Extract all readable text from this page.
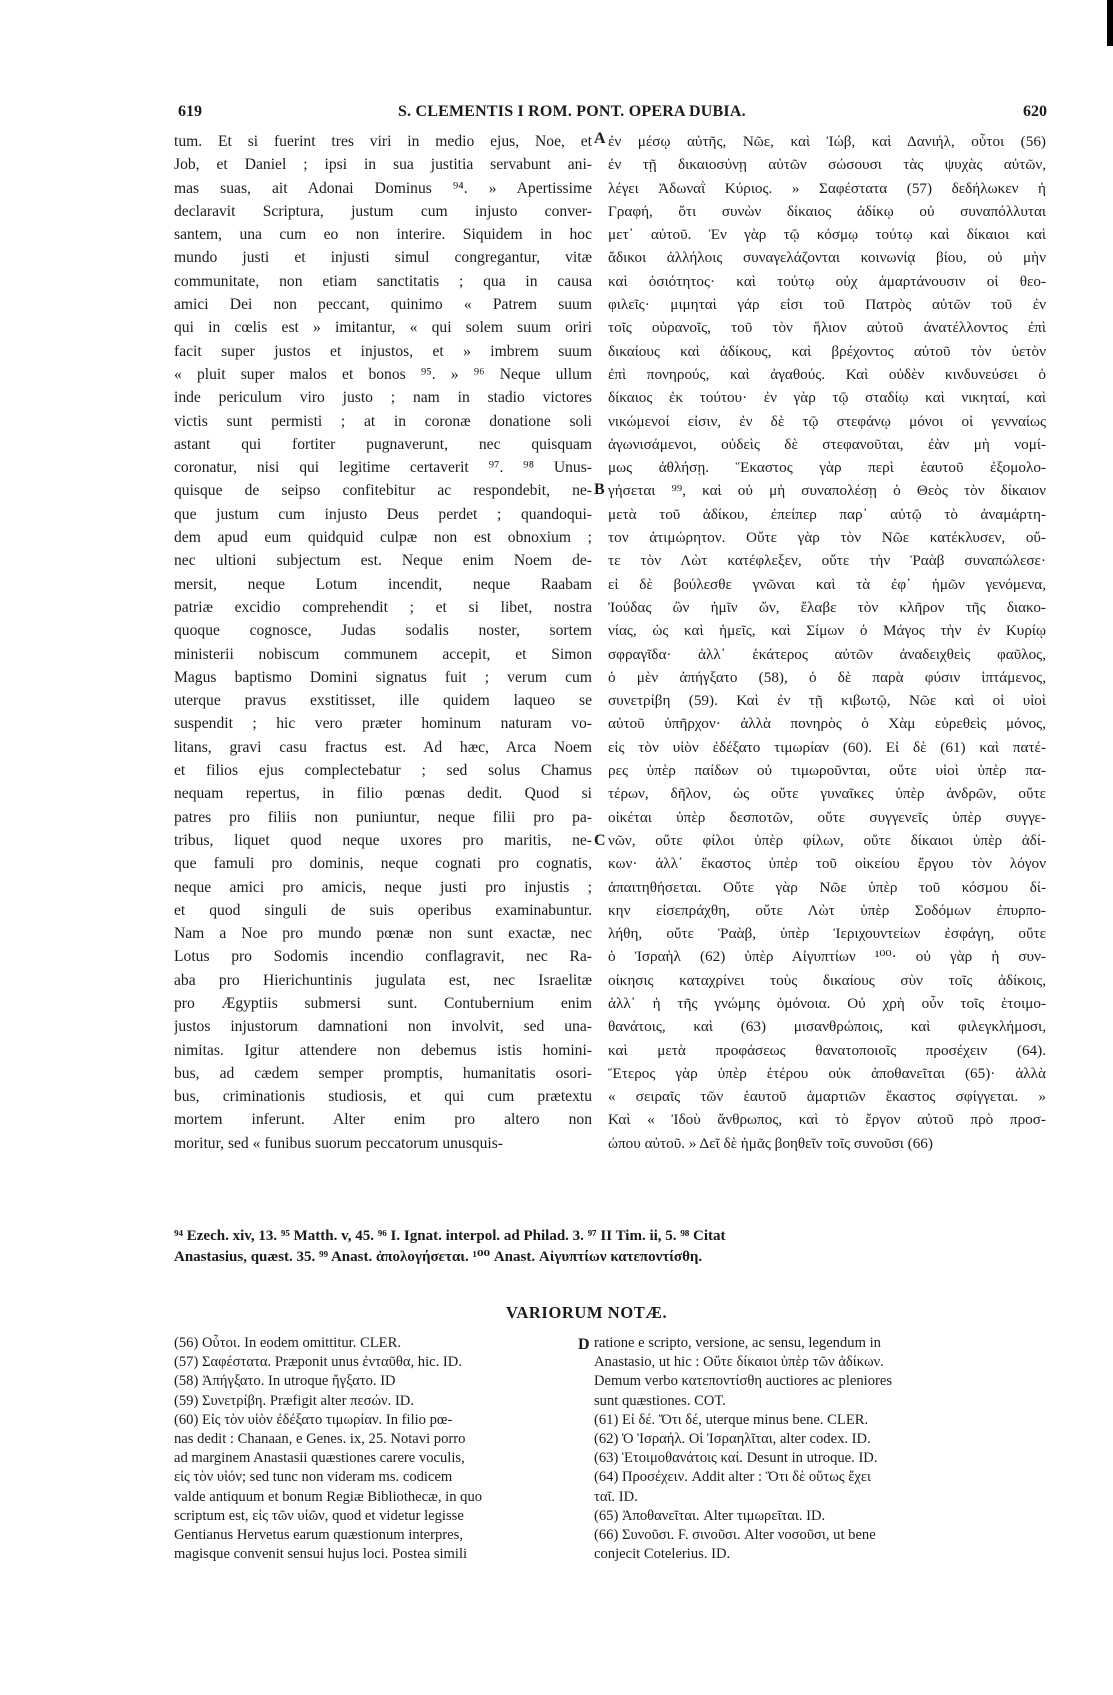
619	S. CLEMENTIS I ROM. PONT. OPERA DUBIA.	620

tum. Et si fuerint tres viri in medio ejus, Noe, et

Job, et Daniel ; ipsi in sua justitia servabunt ani-

mas suas, ait Adonai Dominus ⁹⁴. » Apertissime

declaravit Scriptura, justum cum injusto conver-

santem, una cum eo non interire. Siquidem in hoc

mundo justi et injusti simul congregantur, vitæ

communitate, non etiam sanctitatis ; qua in causa

amici Dei non peccant, quinimo « Patrem suum

qui in cœlis est » imitantur, « qui solem suum oriri

facit super justos et injustos, et » imbrem suum

« pluit super malos et bonos ⁹⁵. » ⁹⁶ Neque ullum

inde periculum viro justo ; nam in stadio victores

victis sunt permisti ; at in coronæ donatione soli

astant qui fortiter pugnaverunt, nec quisquam

coronatur, nisi qui legitime certaverit ⁹⁷. ⁹⁸ Unus-

quisque de seipso confitebitur ac respondebit, ne-

que justum cum injusto Deus perdet ; quandoqui-

dem apud eum quidquid culpæ non est obnoxium ;

nec ultioni subjectum est. Neque enim Noem de-

mersit, neque Lotum incendit, neque Raabam

patriæ excidio comprehendit ; et si libet, nostra

quoque cognosce, Judas sodalis noster, sortem

ministerii nobiscum communem accepit, et Simon

Magus baptismo Domini signatus fuit ; verum cum

uterque pravus exstitisset, ille quidem laqueo se

suspendit ; hic vero præter hominum naturam vo-

litans, gravi casu fractus est. Ad hæc, Arca Noem

et filios ejus complectebatur ; sed solus Chamus

nequam repertus, in filio pœnas dedit. Quod si

patres pro filiis non puniuntur, neque filii pro pa-

tribus, liquet quod neque uxores pro maritis, ne-

que famuli pro dominis, neque cognati pro cognatis,

neque amici pro amicis, neque justi pro injustis ;

et quod singuli de suis operibus examinabuntur.

Nam a Noe pro mundo pœnæ non sunt exactæ, nec

Lotus pro Sodomis incendio conflagravit, nec Ra-

aba pro Hierichuntinis jugulata est, nec Israelitæ

pro Ægyptiis submersi sunt. Contubernium enim

justos injustorum damnationi non involvit, sed una-

nimitas. Igitur attendere non debemus istis homini-

bus, ad cædem semper promptis, humanitatis osori-

bus, criminationis studiosis, et qui cum prætextu

mortem inferunt. Alter enim pro altero non

moritur, sed « funibus suorum peccatorum unusquis-

ἐν μέσῳ αὐτῆς, Νῶε, καὶ Ἰώβ, καὶ Δανιήλ, οὗτοι (56)

ἐν τῇ δικαιοσύνῃ αὐτῶν σώσουσι τὰς ψυχὰς αὐτῶν,

λέγει Ἀδωναῒ Κύριος. » Σαφέστατα (57) δεδήλωκεν ἡ

Γραφή, ὅτι συνὼν δίκαιος ἀδίκῳ οὐ συναπόλλυται

μετ᾽ αὐτοῦ. Ἐν γὰρ τῷ κόσμῳ τούτῳ καὶ δίκαιοι καὶ

ἄδικοι ἀλλήλοις συναγελάζονται κοινωνίᾳ βίου, οὐ μὴν

καὶ ὁσιότητος· καὶ τούτῳ οὐχ ἁμαρτάνουσιν οἱ θεο-

φιλεῖς· μιμηταὶ γάρ εἰσι τοῦ Πατρὸς αὐτῶν τοῦ ἐν

τοῖς οὐρανοῖς, τοῦ τὸν ἥλιον αὐτοῦ ἀνατέλλοντος ἐπὶ

δικαίους καὶ ἀδίκους, καὶ βρέχοντος αὐτοῦ τὸν ὑετὸν

ἐπὶ πονηρούς, καὶ ἀγαθούς. Καὶ οὐδὲν κινδυνεύσει ὁ

δίκαιος ἐκ τούτου· ἐν γὰρ τῷ σταδίῳ καὶ νικηταί, καὶ

νικώμενοί εἰσιν, ἐν δὲ τῷ στεφάνῳ μόνοι οἱ γενναίως

ἀγωνισάμενοι, οὐδεὶς δὲ στεφανοῦται, ἐὰν μὴ νομί-

μως ἀθλήσῃ. Ἕκαστος γὰρ περὶ ἑαυτοῦ ἐξομολο-

γήσεται ⁹⁹, καὶ οὐ μὴ συναπολέσῃ ὁ Θεὸς τὸν δίκαιον

μετὰ τοῦ ἀδίκου, ἐπείπερ παρ᾽ αὐτῷ τὸ ἀναμάρτη-

τον ἀτιμώρητον. Οὔτε γὰρ τὸν Νῶε κατέκλυσεν, οὔ-

τε τὸν Λὼτ κατέφλεξεν, οὔτε τὴν Ῥαὰβ συναπώλεσε·

εἰ δὲ βούλεσθε γνῶναι καὶ τὰ ἐφ᾽ ἡμῶν γενόμενα,

Ἰούδας ὢν ἡμῖν ὤν, ἔλαβε τὸν κλῆρον τῆς διακο-

νίας, ὡς καὶ ἡμεῖς, καὶ Σίμων ὁ Μάγος τὴν ἐν Κυρίῳ

σφραγῖδα· ἀλλ᾽ ἑκάτερος αὐτῶν ἀναδειχθεὶς φαῦλος,

ὁ μὲν ἀπήγξατο (58), ὁ δὲ παρὰ φύσιν ἱπτάμενος,

συνετρίβη (59). Καὶ ἐν τῇ κιβωτῷ, Νῶε καὶ οἱ υἱοὶ

αὐτοῦ ὑπῆρχον· ἀλλὰ πονηρὸς ὁ Χὰμ εὑρεθεὶς μόνος,

εἰς τὸν υἱὸν ἐδέξατο τιμωρίαν (60). Εἰ δὲ (61) καὶ πατέ-

ρες ὑπὲρ παίδων οὐ τιμωροῦνται, οὔτε υἱοὶ ὑπὲρ πα-

τέρων, δῆλον, ὡς οὔτε γυναῖκες ὑπὲρ ἀνδρῶν, οὔτε

οἰκέται ὑπὲρ δεσποτῶν, οὔτε συγγενεῖς ὑπὲρ συγγε-

νῶν, οὔτε φίλοι ὑπὲρ φίλων, οὔτε δίκαιοι ὑπὲρ ἀδί-

κων· ἀλλ᾽ ἕκαστος ὑπὲρ τοῦ οἰκείου ἔργου τὸν λόγον

ἀπαιτηθήσεται. Οὔτε γὰρ Νῶε ὑπὲρ τοῦ κόσμου δί-

κην εἰσεπράχθη, οὔτε Λὼτ ὑπὲρ Σοδόμων ἐπυρπο-

λήθη, οὔτε Ῥαὰβ, ὑπὲρ Ἱεριχουντείων ἐσφάγη, οὔτε

ὁ Ἰσραὴλ (62) ὑπὲρ Αἰγυπτίων ¹⁰⁰· οὐ γὰρ ἡ συν-

οίκησις καταχρίνει τοὺς δικαίους σὺν τοῖς ἀδίκοις,

ἀλλ᾽ ἡ τῆς γνώμης ὁμόνοια. Οὐ χρὴ οὖν τοῖς ἑτοιμο-

θανάτοις, καὶ (63) μισανθρώποις, καὶ φιλεγκλήμοσι,

καὶ μετὰ προφάσεως θανατοποιοῖς προσέχειν (64).

Ἕτερος γὰρ ὑπὲρ ἑτέρου οὐκ ἀποθανεῖται (65)· ἀλλὰ

« σειραῖς τῶν ἑαυτοῦ ἁμαρτιῶν ἕκαστος σφίγγεται. »

Καὶ « Ἰδοὺ ἄνθρωπος, καὶ τὸ ἔργον αὐτοῦ πρὸ προσ-

ώπου αὐτοῦ. » Δεῖ δὲ ἡμᾶς βοηθεῖν τοῖς συνοῦσι (66)

A
B
C
D

⁹⁴ Ezech. xiv, 13. ⁹⁵ Matth. v, 45. ⁹⁶ I. Ignat. interpol. ad Philad. 3. ⁹⁷ II Tim. ii, 5. ⁹⁸ Citat

Anastasius, quæst. 35. ⁹⁹ Anast. ἀπολογήσεται. ¹⁰⁰ Anast. Αἰγυπτίων κατεποντίσθη.

VARIORUM NOTÆ.

(56) Οὗτοι. In eodem omittitur. CLER.

(57) Σαφέστατα. Præponit unus ἐνταῦθα, hic. ID.

(58) Ἀπήγξατο. In utroque ἤγξατο. ID

(59) Συνετρίβη. Præfigit alter πεσών. ID.

(60) Εἰς τὸν υἱὸν ἐδέξατο τιμωρίαν. In filio pœ-

nas dedit : Chanaan, e Genes. ix, 25. Notavi porro

ad marginem Anastasii quæstiones carere voculis,

εἰς τὸν υἱόν; sed tunc non videram ms. codicem

valde antiquum et bonum Regiæ Bibliothecæ, in quo

scriptum est, εἰς τῶν υἱῶν, quod et videtur legisse

Gentianus Hervetus earum quæstionum interpres,

magisque convenit sensui hujus loci. Postea simili

ratione e scripto, versione, ac sensu, legendum in

Anastasio, ut hic : Οὔτε δίκαιοι ὑπὲρ τῶν ἀδίκων.

Demum verbo κατεποντίσθη auctiores ac pleniores

sunt quæstiones. COT.

(61) Εἰ δέ. Ὅτι δέ, uterque minus bene. CLER.

(62) Ὁ Ἰσραήλ. Οἱ Ἰσραηλῖται, alter codex. ID.

(63) Ἑτοιμοθανάτοις καί. Desunt in utroque. ID.

(64) Προσέχειν. Addit alter : Ὅτι δὲ οὕτως ἔχει

ταῖ. ID.

(65) Ἀποθανεῖται. Alter τιμωρεῖται. ID.

(66) Συνοῦσι. F. σινοῦσι. Alter νοσοῦσι, ut bene

conjecit Cotelerius. ID.
